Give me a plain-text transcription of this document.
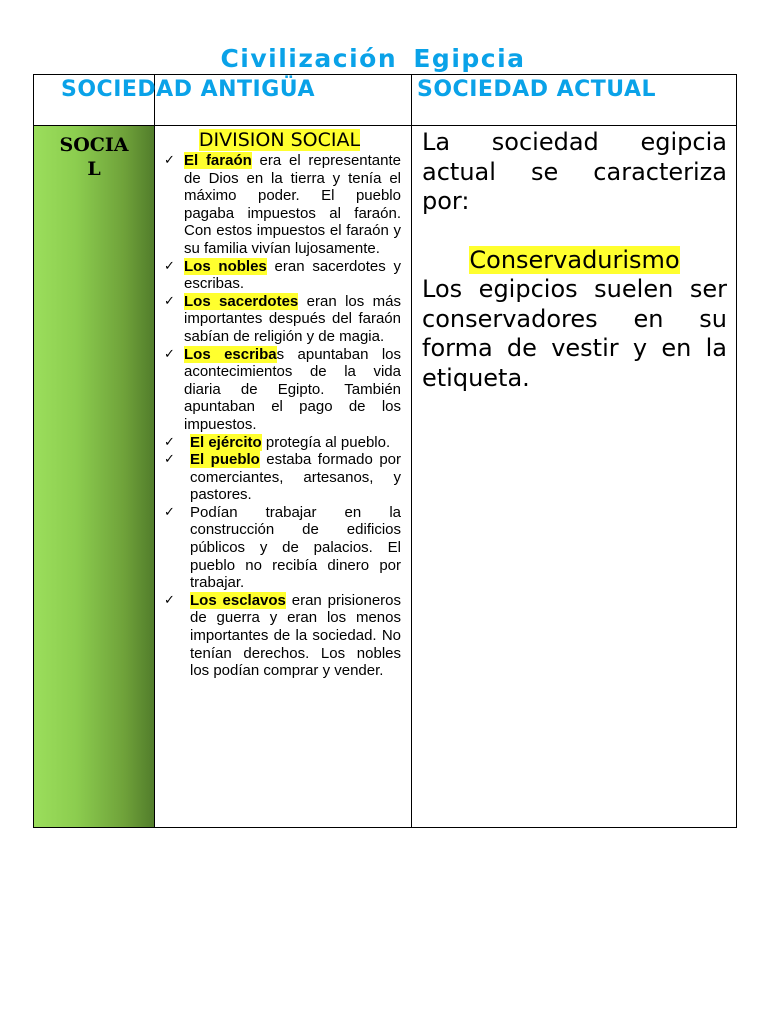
Civilización Egipcia
SOCIEDAD ANTIGÜA	SOCIEDAD ACTUAL
SOCIA
L
DIVISION SOCIAL
✓ El faraón era el representante de Dios en la tierra y tenía el máximo poder. El pueblo pagaba impuestos al faraón. Con estos impuestos el faraón y su familia vivían lujosamente.
✓ Los nobles eran sacerdotes y escribas.
✓ Los sacerdotes eran los más importantes después del faraón sabían de religión y de magia.
✓ Los escribas apuntaban los acontecimientos de la vida diaria de Egipto. También apuntaban el pago de los impuestos.
✓ El ejército protegía al pueblo.
✓ El pueblo estaba formado por comerciantes, artesanos, y pastores.
✓ Podían trabajar en la construcción de edificios públicos y de palacios. El pueblo no recibía dinero por trabajar.
✓ Los esclavos eran prisioneros de guerra y eran los menos importantes de la sociedad. No tenían derechos. Los nobles los podían comprar y vender.
La sociedad egipcia actual se caracteriza por:
Conservadurismo
Los egipcios suelen ser conservadores en su forma de vestir y en la etiqueta.
